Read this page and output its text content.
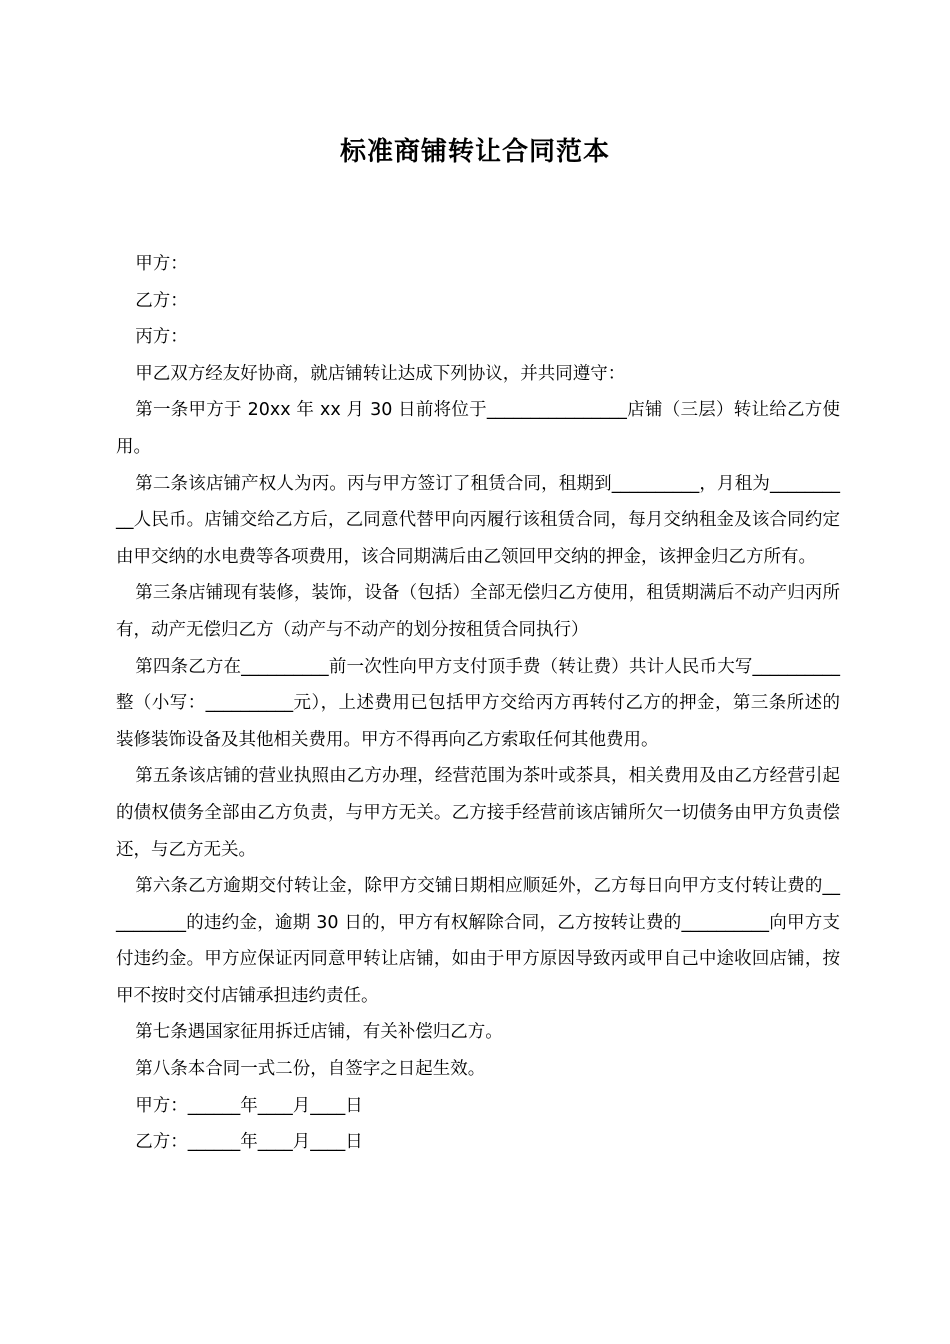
标准商铺转让合同范本

甲方：

乙方：

丙方：

甲乙双方经友好协商，就店铺转让达成下列协议，并共同遵守：

第一条甲方于 20xx 年 xx 月 30 日前将位于________________店铺（三层）转让给乙方使用。

第二条该店铺产权人为丙。丙与甲方签订了租赁合同，租期到__________，月租为__________人民币。店铺交给乙方后，乙同意代替甲向丙履行该租赁合同，每月交纳租金及该合同约定由甲交纳的水电费等各项费用，该合同期满后由乙领回甲交纳的押金，该押金归乙方所有。

第三条店铺现有装修，装饰，设备（包括）全部无偿归乙方使用，租赁期满后不动产归丙所有，动产无偿归乙方（动产与不动产的划分按租赁合同执行）

第四条乙方在__________前一次性向甲方支付顶手费（转让费）共计人民币大写__________整（小写：__________元），上述费用已包括甲方交给丙方再转付乙方的押金，第三条所述的装修装饰设备及其他相关费用。甲方不得再向乙方索取任何其他费用。

第五条该店铺的营业执照由乙方办理，经营范围为茶叶或茶具，相关费用及由乙方经营引起的债权债务全部由乙方负责，与甲方无关。乙方接手经营前该店铺所欠一切债务由甲方负责偿还，与乙方无关。

第六条乙方逾期交付转让金，除甲方交铺日期相应顺延外，乙方每日向甲方支付转让费的__________的违约金，逾期 30 日的，甲方有权解除合同，乙方按转让费的__________向甲方支付违约金。甲方应保证丙同意甲转让店铺，如由于甲方原因导致丙或甲自己中途收回店铺，按甲不按时交付店铺承担违约责任。

第七条遇国家征用拆迁店铺，有关补偿归乙方。

第八条本合同一式二份，自签字之日起生效。

甲方：______年____月____日

乙方：______年____月____日
